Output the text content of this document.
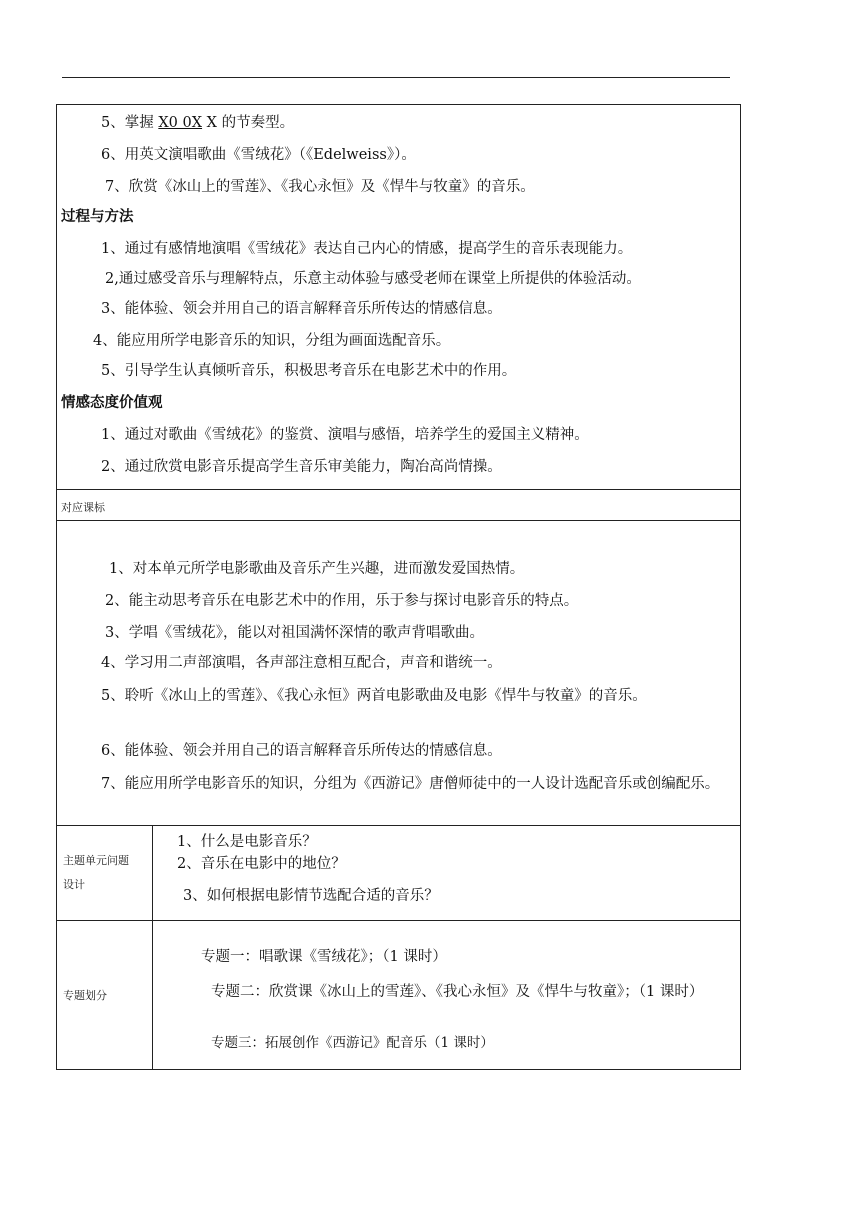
5、掌握 X0 0X X 的节奏型。

6、用英文演唱歌曲《雪绒花》（《Edelweiss》）。

7、欣赏《冰山上的雪莲》、《我心永恒》及《悍牛与牧童》的音乐。

过程与方法

1、通过有感情地演唱《雪绒花》表达自己内心的情感，提高学生的音乐表现能力。

2,通过感受音乐与理解特点，乐意主动体验与感受老师在课堂上所提供的体验活动。

3、能体验、领会并用自己的语言解释音乐所传达的情感信息。

4、能应用所学电影音乐的知识，分组为画面选配音乐。

5、引导学生认真倾听音乐，积极思考音乐在电影艺术中的作用。

情感态度价值观

1、通过对歌曲《雪绒花》的鉴赏、演唱与感悟，培养学生的爱国主义精神。

2、通过欣赏电影音乐提高学生音乐审美能力，陶冶高尚情操。

对应课标

1、对本单元所学电影歌曲及音乐产生兴趣，进而激发爱国热情。

2、能主动思考音乐在电影艺术中的作用，乐于参与探讨电影音乐的特点。

3、学唱《雪绒花》，能以对祖国满怀深情的歌声背唱歌曲。

4、学习用二声部演唱，各声部注意相互配合，声音和谐统一。

5、聆听《冰山上的雪莲》、《我心永恒》两首电影歌曲及电影《悍牛与牧童》的音乐。

6、能体验、领会并用自己的语言解释音乐所传达的情感信息。

7、能应用所学电影音乐的知识，分组为《西游记》唐僧师徒中的一人设计选配音乐或创编配乐。

主题单元问题
设计

1、什么是电影音乐？

2、音乐在电影中的地位？

3、如何根据电影情节选配合适的音乐？

专题划分

专题一：唱歌课《雪绒花》；（1 课时）

专题二：欣赏课《冰山上的雪莲》、《我心永恒》及《悍牛与牧童》；（1 课时）

专题三：拓展创作《西游记》配音乐（1 课时）
